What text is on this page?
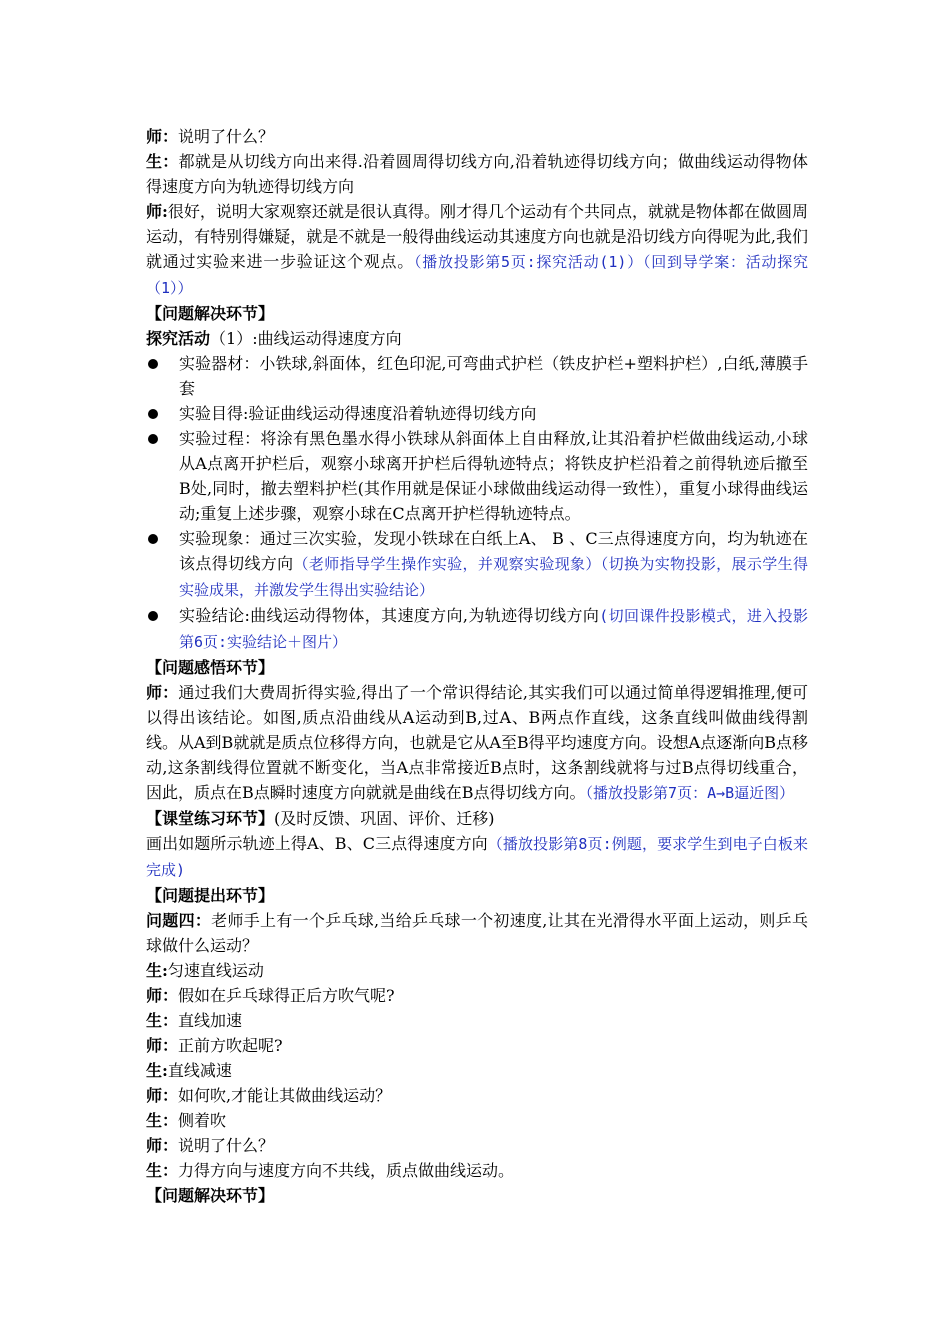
师：说明了什么？

生：都就是从切线方向出来得.沿着圆周得切线方向,沿着轨迹得切线方向；做曲线运动得物体得速度方向为轨迹得切线方向

师:很好，说明大家观察还就是很认真得。刚才得几个运动有个共同点，就就是物体都在做圆周运动，有特别得嫌疑，就是不就是一般得曲线运动其速度方向也就是沿切线方向得呢为此,我们就通过实验来进一步验证这个观点。（播放投影第5页:探究活动(1)）（回到导学案：活动探究（1））

【问题解决环节】

探究活动（1）:曲线运动得速度方向

实验器材：小铁球,斜面体，红色印泥,可弯曲式护栏（铁皮护栏+塑料护栏）,白纸,薄膜手套
实验目得:验证曲线运动得速度沿着轨迹得切线方向
实验过程：将涂有黑色墨水得小铁球从斜面体上自由释放,让其沿着护栏做曲线运动,小球从A点离开护栏后，观察小球离开护栏后得轨迹特点；将铁皮护栏沿着之前得轨迹后撤至B处,同时，撤去塑料护栏(其作用就是保证小球做曲线运动得一致性），重复小球得曲线运动;重复上述步骤，观察小球在C点离开护栏得轨迹特点。
实验现象：通过三次实验，发现小铁球在白纸上A、 B 、C三点得速度方向，均为轨迹在该点得切线方向（老师指导学生操作实验，并观察实验现象）（切换为实物投影，展示学生得实验成果，并激发学生得出实验结论）
实验结论:曲线运动得物体，其速度方向,为轨迹得切线方向(切回课件投影模式，进入投影第6页:实验结论＋图片）

【问题感悟环节】

师：通过我们大费周折得实验,得出了一个常识得结论,其实我们可以通过简单得逻辑推理,便可以得出该结论。如图,质点沿曲线从A运动到B,过A、B两点作直线，这条直线叫做曲线得割线。从A到B就就是质点位移得方向，也就是它从A至B得平均速度方向。设想A点逐渐向B点移动,这条割线得位置就不断变化，当A点非常接近B点时，这条割线就将与过B点得切线重合，因此，质点在B点瞬时速度方向就就是曲线在B点得切线方向。（播放投影第7页：A→B逼近图）

【课堂练习环节】(及时反馈、巩固、评价、迁移)

画出如题所示轨迹上得A、B、C三点得速度方向（播放投影第8页:例题，要求学生到电子白板来完成)

【问题提出环节】

问题四：老师手上有一个乒乓球,当给乒乓球一个初速度,让其在光滑得水平面上运动，则乒乓球做什么运动？

生:匀速直线运动

师：假如在乒乓球得正后方吹气呢?

生：直线加速

师：正前方吹起呢?

生:直线减速

师：如何吹,才能让其做曲线运动？

生：侧着吹

师：说明了什么？

生：力得方向与速度方向不共线，质点做曲线运动。

【问题解决环节】
